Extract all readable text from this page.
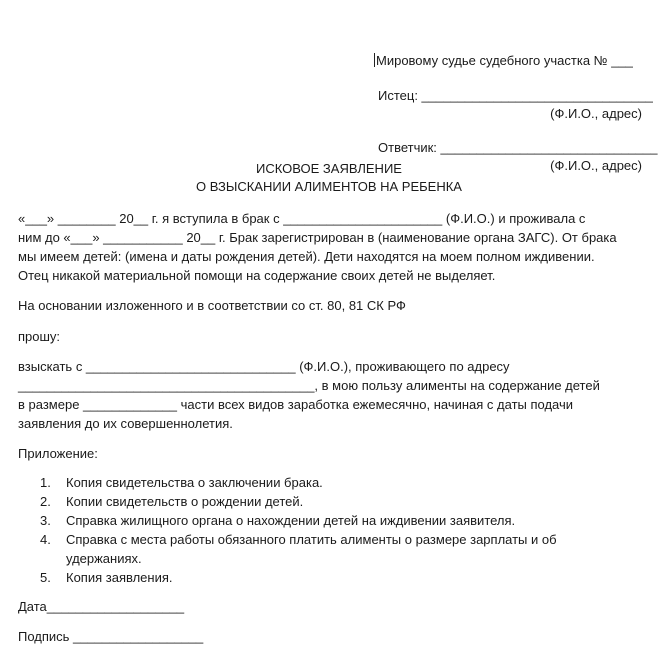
Мировому судье судебного участка № ___
Истец: ________________________________
(Ф.И.О., адрес)
Ответчик: ______________________________
(Ф.И.О., адрес)
ИСКОВОЕ ЗАЯВЛЕНИЕ
О ВЗЫСКАНИИ АЛИМЕНТОВ НА РЕБЕНКА
«___» ________ 20__ г. я вступила в брак с ______________________ (Ф.И.О.) и проживала с
ним до «___» ___________ 20__ г. Брак зарегистрирован в (наименование органа ЗАГС). От брака
мы имеем детей: (имена и даты рождения детей). Дети находятся на моем полном иждивении.
Отец никакой материальной помощи на содержание своих детей не выделяет.
На основании изложенного и в соответствии со ст. 80, 81 СК РФ
прошу:
взыскать с _____________________________ (Ф.И.О.), проживающего по адресу
_________________________________________, в мою пользу алименты на содержание детей
в размере _____________ части всех видов заработка ежемесячно, начиная с даты подачи
заявления до их совершеннолетия.
Приложение:
1. Копия свидетельства о заключении брака.
2. Копии свидетельств о рождении детей.
3. Справка жилищного органа о нахождении детей на иждивении заявителя.
4. Справка с места работы обязанного платить алименты о размере зарплаты и об
удержаниях.
5. Копия заявления.
Дата___________________
Подпись __________________
